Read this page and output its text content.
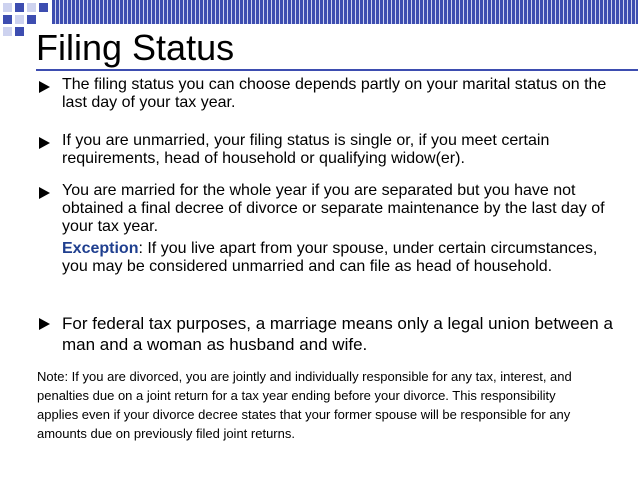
Filing Status
The filing status you can choose depends partly on your marital status on the last day of your tax year.
If you are unmarried, your filing status is single or, if you meet certain requirements, head of household or qualifying widow(er).
You are married for the whole year if you are separated but you have not obtained a final decree of divorce or separate maintenance by the last day of your tax year.
Exception: If you live apart from your spouse, under certain circumstances, you may be considered unmarried and can file as head of household.
For federal tax purposes, a marriage means only a legal union between a man and a woman as husband and wife.
Note: If you are divorced, you are jointly and individually responsible for any tax, interest, and penalties due on a joint return for a tax year ending before your divorce. This responsibility applies even if your divorce decree states that your former spouse will be responsible for any amounts due on previously filed joint returns.
